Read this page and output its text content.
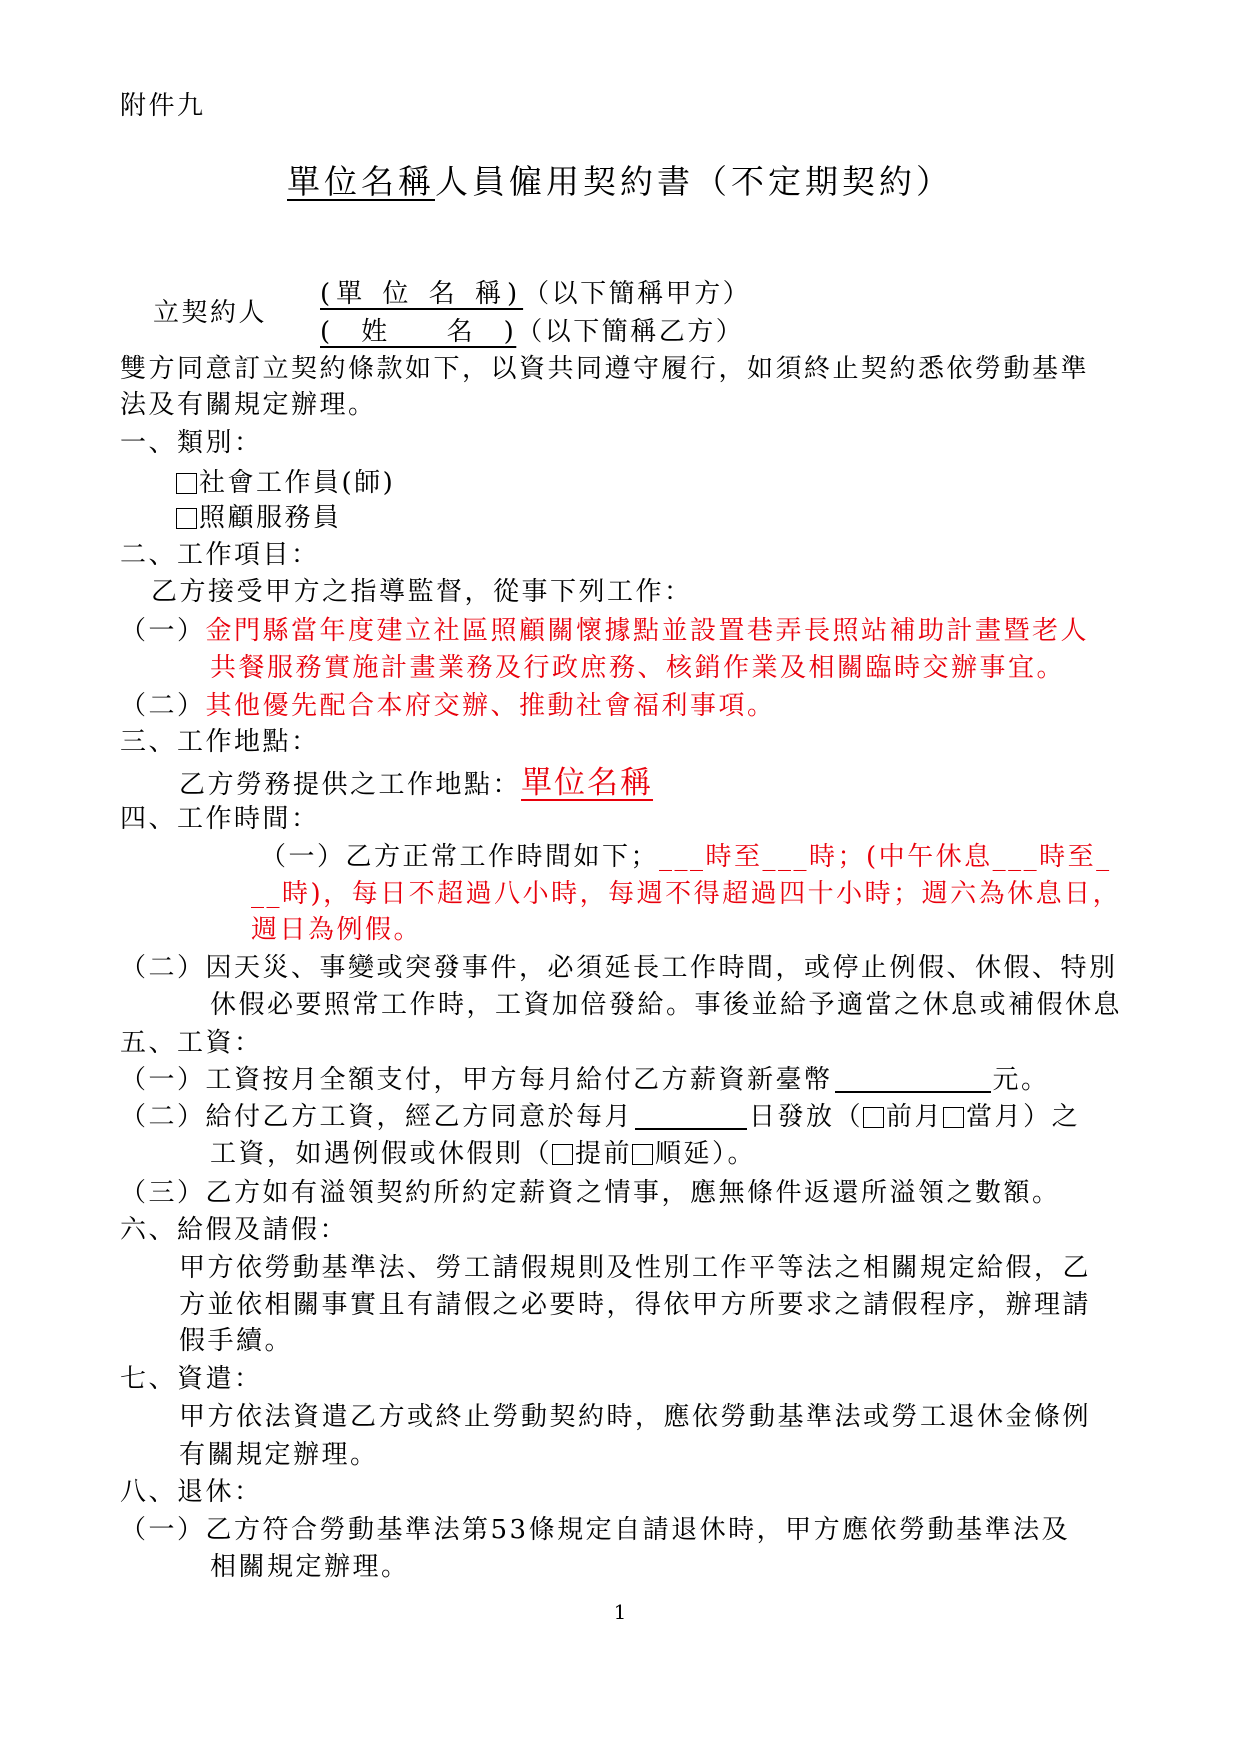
附件九
單位名稱人員僱用契約書（不定期契約）
立契約人
(單 位 名 稱)（以下簡稱甲方）
(　姓　　名　)（以下簡稱乙方）
雙方同意訂立契約條款如下，以資共同遵守履行，如須終止契約悉依勞動基準
法及有關規定辦理。
一、類別：
社會工作員(師)
照顧服務員
二、工作項目：
乙方接受甲方之指導監督，從事下列工作：
（一）金門縣當年度建立社區照顧關懷據點並設置巷弄長照站補助計畫暨老人
共餐服務實施計畫業務及行政庶務、核銷作業及相關臨時交辦事宜。
（二）其他優先配合本府交辦、推動社會福利事項。
三、工作地點：
乙方勞務提供之工作地點：單位名稱
四、工作時間：
（一）乙方正常工作時間如下；___時至___時；(中午休息___時至_
__時)，每日不超過八小時，每週不得超過四十小時；週六為休息日，
週日為例假。
（二）因天災、事變或突發事件，必須延長工作時間，或停止例假、休假、特別
休假必要照常工作時，工資加倍發給。事後並給予適當之休息或補假休息
五、工資：
（一）工資按月全額支付，甲方每月給付乙方薪資新臺幣	元。
（二）給付乙方工資，經乙方同意於每月	日發放（ 前月 當月）之
工資，如遇例假或休假則（ 提前 順延）。
（三）乙方如有溢領契約所約定薪資之情事，應無條件返還所溢領之數額。
六、給假及請假：
甲方依勞動基準法、勞工請假規則及性別工作平等法之相關規定給假，乙
方並依相關事實且有請假之必要時，得依甲方所要求之請假程序，辦理請
假手續。
七、資遣：
甲方依法資遣乙方或終止勞動契約時，應依勞動基準法或勞工退休金條例
有關規定辦理。
八、退休：
（一）乙方符合勞動基準法第53條規定自請退休時，甲方應依勞動基準法及
相關規定辦理。
1
